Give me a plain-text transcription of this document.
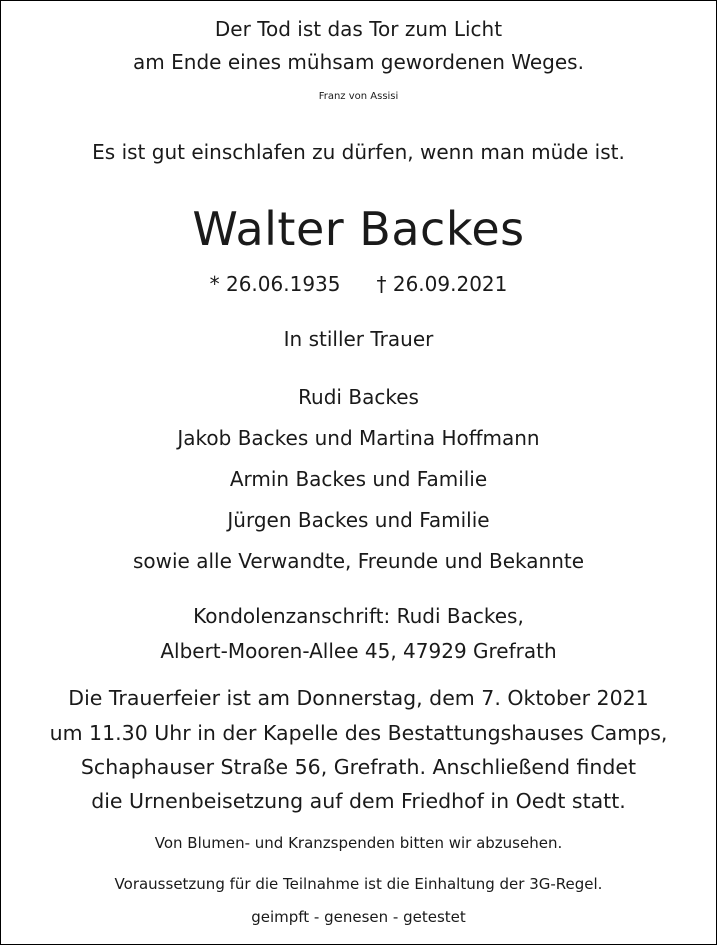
Der Tod ist das Tor zum Licht
am Ende eines mühsam gewordenen Weges.
Franz von Assisi
Es ist gut einschlafen zu dürfen, wenn man müde ist.
Walter Backes
* 26.06.1935 † 26.09.2021
In stiller Trauer
Rudi Backes
Jakob Backes und Martina Hoffmann
Armin Backes und Familie
Jürgen Backes und Familie
sowie alle Verwandte, Freunde und Bekannte
Kondolenzanschrift: Rudi Backes,
Albert-Mooren-Allee 45, 47929 Grefrath
Die Trauerfeier ist am Donnerstag, dem 7. Oktober 2021
um 11.30 Uhr in der Kapelle des Bestattungshauses Camps,
Schaphauser Straße 56, Grefrath. Anschließend findet
die Urnenbeisetzung auf dem Friedhof in Oedt statt.
Von Blumen- und Kranzspenden bitten wir abzusehen.
Voraussetzung für die Teilnahme ist die Einhaltung der 3G-Regel.
geimpft - genesen - getestet
